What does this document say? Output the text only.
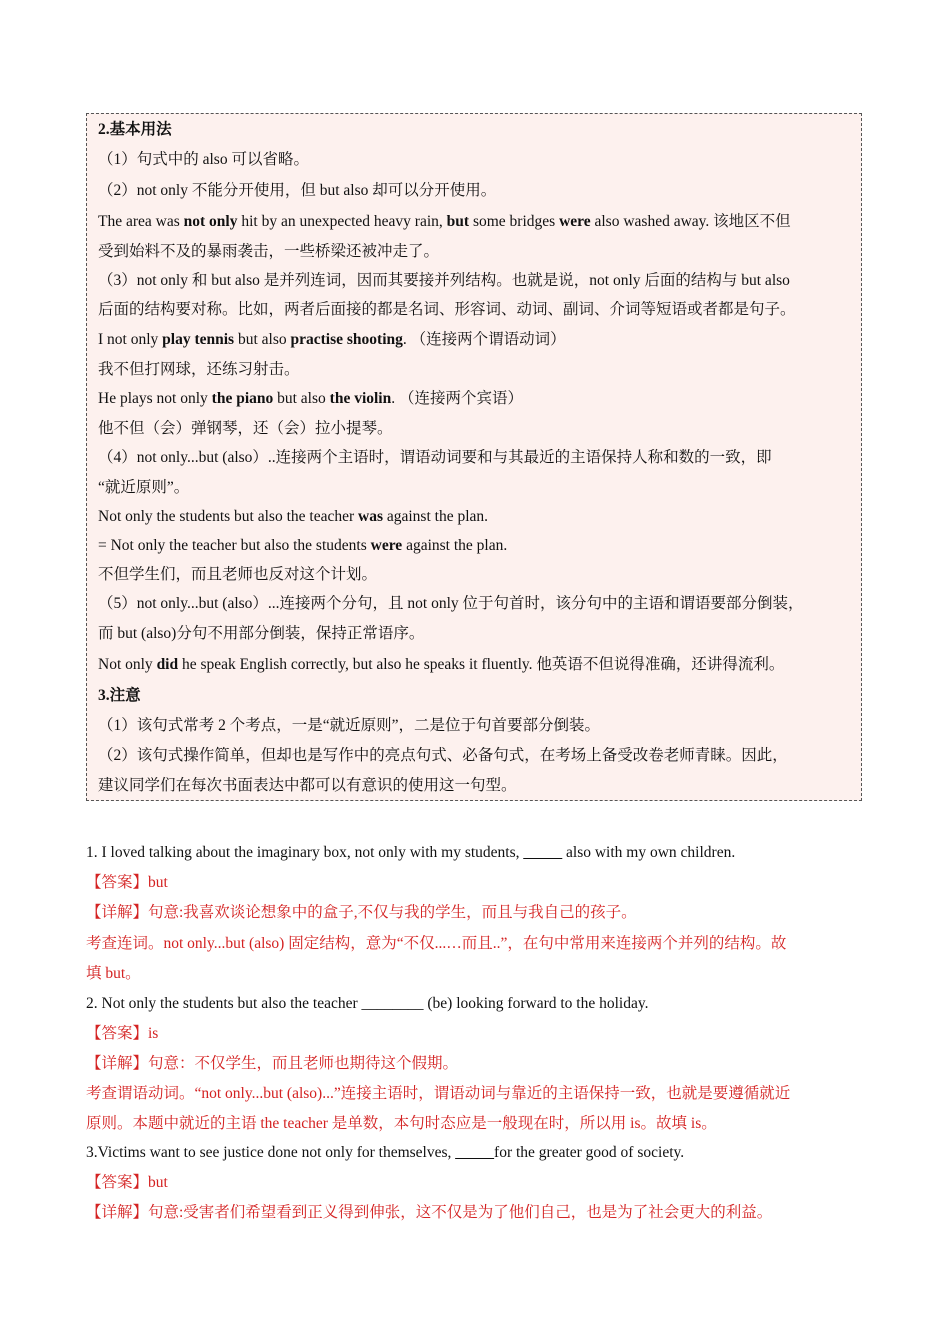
2.基本用法
（1）句式中的 also 可以省略。
（2）not only 不能分开使用，但 but also 却可以分开使用。
The area was not only hit by an unexpected heavy rain, but some bridges were also washed away. 该地区不但
受到始料不及的暴雨袭击，一些桥梁还被冲走了。
（3）not only 和 but also 是并列连词，因而其要接并列结构。也就是说，not only 后面的结构与 but also
后面的结构要对称。比如，两者后面接的都是名词、形容词、动词、副词、介词等短语或者都是句子。
I not only play tennis but also practise shooting. （连接两个谓语动词）
我不但打网球，还练习射击。
He plays not only the piano but also the violin. （连接两个宾语）
他不但（会）弹钢琴，还（会）拉小提琴。
（4）not only...but (also）..连接两个主语时，谓语动词要和与其最近的主语保持人称和数的一致，即
“就近原则”。
Not only the students but also the teacher was against the plan.
= Not only the teacher but also the students were against the plan.
不但学生们，而且老师也反对这个计划。
（5）not only...but (also）...连接两个分句，且 not only 位于句首时，该分句中的主语和谓语要部分倒装，
而 but (also)分句不用部分倒装，保持正常语序。
Not only did he speak English correctly, but also he speaks it fluently. 他英语不但说得准确，还讲得流利。
3.注意
（1）该句式常考 2 个考点，一是“就近原则”，二是位于句首要部分倒装。
（2）该句式操作简单，但却也是写作中的亮点句式、必备句式，在考场上备受改卷老师青睐。因此，
建议同学们在每次书面表达中都可以有意识的使用这一句型。
1. I loved talking about the imaginary box, not only with my students, _____ also with my own children.
【答案】but
【详解】句意:我喜欢谈论想象中的盒子,不仅与我的学生，而且与我自己的孩子。
考查连词。not only...but (also) 固定结构，意为“不仅...…而且..”，在句中常用来连接两个并列的结构。故
填 but。
2. Not only the students but also the teacher ________ (be) looking forward to the holiday.
【答案】is
【详解】句意：不仅学生，而且老师也期待这个假期。
考查谓语动词。“not only...but (also)...”连接主语时，谓语动词与靠近的主语保持一致，也就是要遵循就近
原则。本题中就近的主语 the teacher 是单数，本句时态应是一般现在时，所以用 is。故填 is。
3.Victims want to see justice done not only for themselves, _____for the greater good of society.
【答案】but
【详解】句意:受害者们希望看到正义得到伸张，这不仅是为了他们自己，也是为了社会更大的利益。
